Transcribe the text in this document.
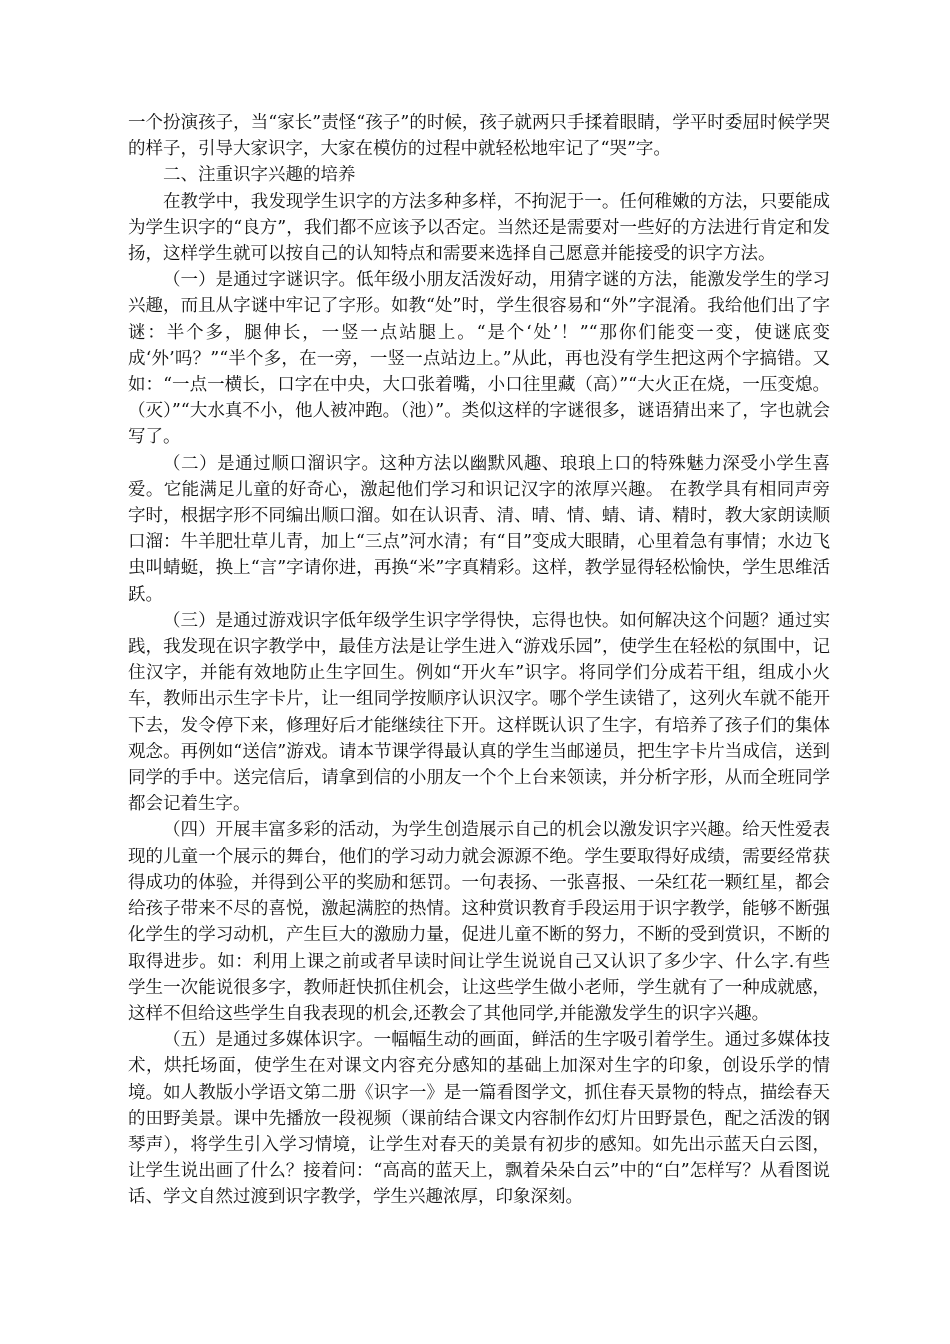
一个扮演孩子，当“家长”责怪“孩子”的时候，孩子就两只手揉着眼睛，学平时委屈时候学哭的样子，引导大家识字，大家在模仿的过程中就轻松地牢记了“哭”字。

二、注重识字兴趣的培养

在教学中，我发现学生识字的方法多种多样，不拘泥于一。任何稚嫩的方法，只要能成为学生识字的“良方”，我们都不应该予以否定。当然还是需要对一些好的方法进行肯定和发扬，这样学生就可以按自己的认知特点和需要来选择自己愿意并能接受的识字方法。

（一）是通过字谜识字。低年级小朋友活泼好动，用猜字谜的方法，能激发学生的学习兴趣，而且从字谜中牢记了字形。如教“处”时，学生很容易和“外”字混淆。我给他们出了字谜：半个多，腿伸长，一竖一点站腿上。“是个‘处’！”“那你们能变一变，使谜底变成‘外’吗？”“半个多，在一旁，一竖一点站边上。”从此，再也没有学生把这两个字搞错。又如：“一点一横长，口字在中央，大口张着嘴，小口往里藏（高）”“大火正在烧，一压变熄。（灭）”“大水真不小，他人被冲跑。（池）”。类似这样的字谜很多，谜语猜出来了，字也就会写了。

（二）是通过顺口溜识字。这种方法以幽默风趣、琅琅上口的特殊魅力深受小学生喜爱。它能满足儿童的好奇心，激起他们学习和识记汉字的浓厚兴趣。 在教学具有相同声旁字时，根据字形不同编出顺口溜。如在认识青、清、晴、情、蜻、请、精时，教大家朗读顺口溜：牛羊肥壮草儿青，加上“三点”河水清；有“目”变成大眼睛，心里着急有事情；水边飞虫叫蜻蜓，换上“言”字请你进，再换“米”字真精彩。这样，教学显得轻松愉快，学生思维活跃。

（三）是通过游戏识字低年级学生识字学得快，忘得也快。如何解决这个问题？通过实践，我发现在识字教学中，最佳方法是让学生进入“游戏乐园”，使学生在轻松的氛围中，记住汉字，并能有效地防止生字回生。例如“开火车”识字。将同学们分成若干组，组成小火车，教师出示生字卡片，让一组同学按顺序认识汉字。哪个学生读错了，这列火车就不能开下去，发令停下来，修理好后才能继续往下开。这样既认识了生字，有培养了孩子们的集体观念。再例如“送信”游戏。请本节课学得最认真的学生当邮递员，把生字卡片当成信，送到同学的手中。送完信后，请拿到信的小朋友一个个上台来领读，并分析字形，从而全班同学都会记着生字。

（四）开展丰富多彩的活动，为学生创造展示自己的机会以激发识字兴趣。给天性爱表现的儿童一个展示的舞台，他们的学习动力就会源源不绝。学生要取得好成绩，需要经常获得成功的体验，并得到公平的奖励和惩罚。一句表扬、一张喜报、一朵红花一颗红星，都会给孩子带来不尽的喜悦，激起满腔的热情。这种赏识教育手段运用于识字教学，能够不断强化学生的学习动机，产生巨大的激励力量，促进儿童不断的努力，不断的受到赏识，不断的取得进步。如：利用上课之前或者早读时间让学生说说自己又认识了多少字、什么字.有些学生一次能说很多字，教师赶快抓住机会，让这些学生做小老师，学生就有了一种成就感，这样不但给这些学生自我表现的机会,还教会了其他同学,并能激发学生的识字兴趣。

（五）是通过多媒体识字。一幅幅生动的画面，鲜活的生字吸引着学生。通过多媒体技术，烘托场面，使学生在对课文内容充分感知的基础上加深对生字的印象，创设乐学的情境。如人教版小学语文第二册《识字一》是一篇看图学文，抓住春天景物的特点，描绘春天的田野美景。课中先播放一段视频（课前结合课文内容制作幻灯片田野景色，配之活泼的钢琴声），将学生引入学习情境，让学生对春天的美景有初步的感知。如先出示蓝天白云图，让学生说出画了什么？接着问：“高高的蓝天上，飘着朵朵白云”中的“白”怎样写？从看图说话、学文自然过渡到识字教学，学生兴趣浓厚，印象深刻。
